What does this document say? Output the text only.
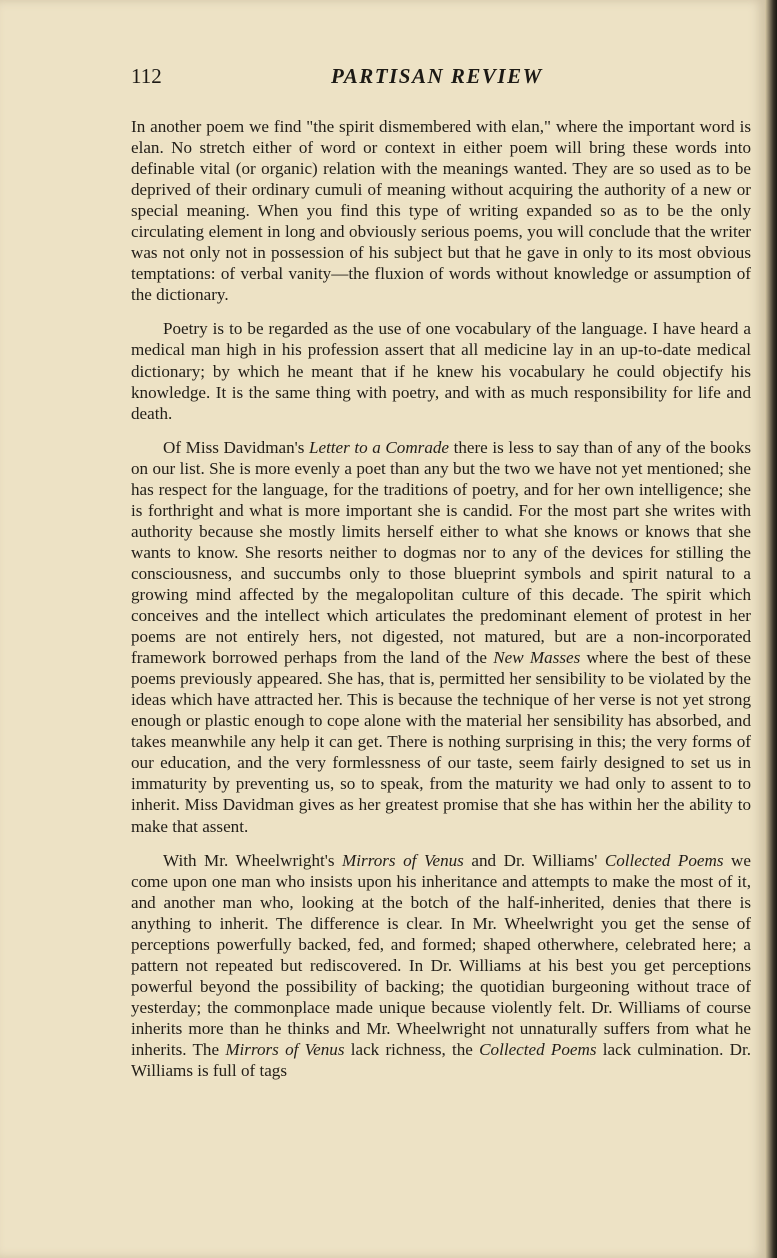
112	PARTISAN REVIEW

In another poem we find "the spirit dismembered with elan," where the important word is elan. No stretch either of word or context in either poem will bring these words into definable vital (or organic) relation with the meanings wanted. They are so used as to be deprived of their ordinary cumuli of meaning without acquiring the authority of a new or special meaning. When you find this type of writing expanded so as to be the only circulating element in long and obviously serious poems, you will conclude that the writer was not only not in possession of his subject but that he gave in only to its most obvious temptations: of verbal vanity—the fluxion of words without knowledge or assumption of the dictionary.

Poetry is to be regarded as the use of one vocabulary of the language. I have heard a medical man high in his profession assert that all medicine lay in an up-to-date medical dictionary; by which he meant that if he knew his vocabulary he could objectify his knowledge. It is the same thing with poetry, and with as much responsibility for life and death.

Of Miss Davidman's Letter to a Comrade there is less to say than of any of the books on our list. She is more evenly a poet than any but the two we have not yet mentioned; she has respect for the language, for the traditions of poetry, and for her own intelligence; she is forthright and what is more important she is candid. For the most part she writes with authority because she mostly limits herself either to what she knows or knows that she wants to know. She resorts neither to dogmas nor to any of the devices for stilling the consciousness, and succumbs only to those blueprint symbols and spirit natural to a growing mind affected by the megalopolitan culture of this decade. The spirit which conceives and the intellect which articulates the predominant element of protest in her poems are not entirely hers, not digested, not matured, but are a non-incorporated framework borrowed perhaps from the land of the New Masses where the best of these poems previously appeared. She has, that is, permitted her sensibility to be violated by the ideas which have attracted her. This is because the technique of her verse is not yet strong enough or plastic enough to cope alone with the material her sensibility has absorbed, and takes meanwhile any help it can get. There is nothing surprising in this; the very forms of our education, and the very formlessness of our taste, seem fairly designed to set us in immaturity by preventing us, so to speak, from the maturity we had only to assent to to inherit. Miss Davidman gives as her greatest promise that she has within her the ability to make that assent.

With Mr. Wheelwright's Mirrors of Venus and Dr. Williams' Collected Poems we come upon one man who insists upon his inheritance and attempts to make the most of it, and another man who, looking at the botch of the half-inherited, denies that there is anything to inherit. The difference is clear. In Mr. Wheelwright you get the sense of perceptions powerfully backed, fed, and formed; shaped otherwhere, celebrated here; a pattern not repeated but rediscovered. In Dr. Williams at his best you get perceptions powerful beyond the possibility of backing; the quotidian burgeoning without trace of yesterday; the commonplace made unique because violently felt. Dr. Williams of course inherits more than he thinks and Mr. Wheelwright not unnaturally suffers from what he inherits. The Mirrors of Venus lack richness, the Collected Poems lack culmination. Dr. Williams is full of tags
